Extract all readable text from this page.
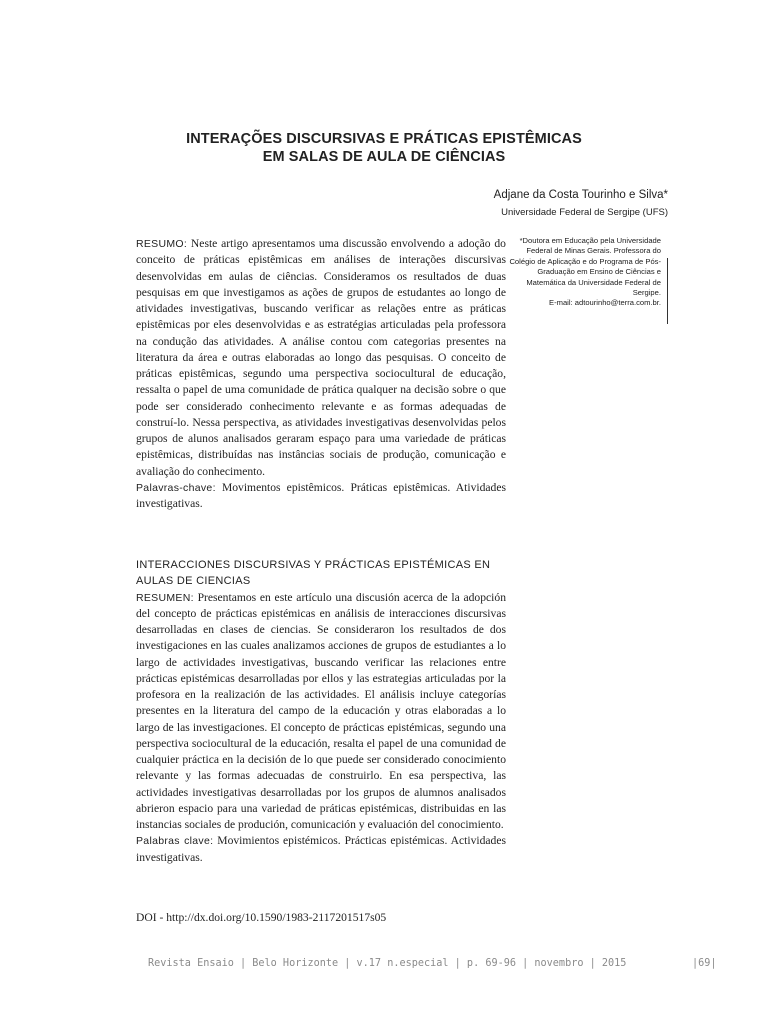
INTERAÇÕES DISCURSIVAS E PRÁTICAS EPISTÊMICAS
EM SALAS DE AULA DE CIÊNCIAS
Adjane da Costa Tourinho e Silva*
Universidade Federal de Sergipe (UFS)
*Doutora em Educação pela Universidade Federal de Minas Gerais. Professora do Colégio de Aplicação e do Programa de Pós-Graduação em Ensino de Ciências e Matemática da Universidade Federal de Sergipe.
E-mail: adtourinho@terra.com.br.

RESUMO: Neste artigo apresentamos uma discussão envolvendo a adoção do conceito de práticas epistêmicas em análises de interações discursivas desenvolvidas em aulas de ciências. Consideramos os resultados de duas pesquisas em que investigamos as ações de grupos de estudantes ao longo de atividades investigativas, buscando verificar as relações entre as práticas epistêmicas por eles desenvolvidas e as estratégias articuladas pela professora na condução das atividades. A análise contou com categorias presentes na literatura da área e outras elaboradas ao longo das pesquisas. O conceito de práticas epistêmicas, segundo uma perspectiva sociocultural de educação, ressalta o papel de uma comunidade de prática qualquer na decisão sobre o que pode ser considerado conhecimento relevante e as formas adequadas de construí-lo. Nessa perspectiva, as atividades investigativas desenvolvidas pelos grupos de alunos analisados geraram espaço para uma variedade de práticas epistêmicas, distribuídas nas instâncias sociais de produção, comunicação e avaliação do conhecimento.

Palavras-chave: Movimentos epistêmicos. Práticas epistêmicas. Atividades investigativas.

INTERACCIONES DISCURSIVAS Y PRÁCTICAS EPISTÉMICAS EN AULAS DE CIENCIAS

RESUMEN: Presentamos en este artículo una discusión acerca de la adopción del concepto de prácticas epistémicas en análisis de interacciones discursivas desarrolladas en clases de ciencias. Se consideraron los resultados de dos investigaciones en las cuales analizamos acciones de grupos de estudiantes a lo largo de actividades investigativas, buscando verificar las relaciones entre prácticas epistémicas desarrolladas por ellos y las estrategias articuladas por la profesora en la realización de las actividades. El análisis incluye categorías presentes en la literatura del campo de la educación y otras elaboradas a lo largo de las investigaciones. El concepto de prácticas epistémicas, segundo una perspectiva sociocultural de la educación, resalta el papel de una comunidad de cualquier práctica en la decisión de lo que puede ser considerado conocimiento relevante y las formas adecuadas de construirlo. En esa perspectiva, las actividades investigativas desarrolladas por los grupos de alumnos analisados abrieron espacio para una variedad de práticas epistémicas, distribuidas en las instancias sociales de produción, comunicación y evaluación del conocimiento.

Palabras clave: Movimientos epistémicos. Prácticas epistémicas. Actividades investigativas.

DOI - http://dx.doi.org/10.1590/1983-2117201517s05
Revista Ensaio | Belo Horizonte | v.17 n.especial | p. 69-96 | novembro | 2015	|69|
